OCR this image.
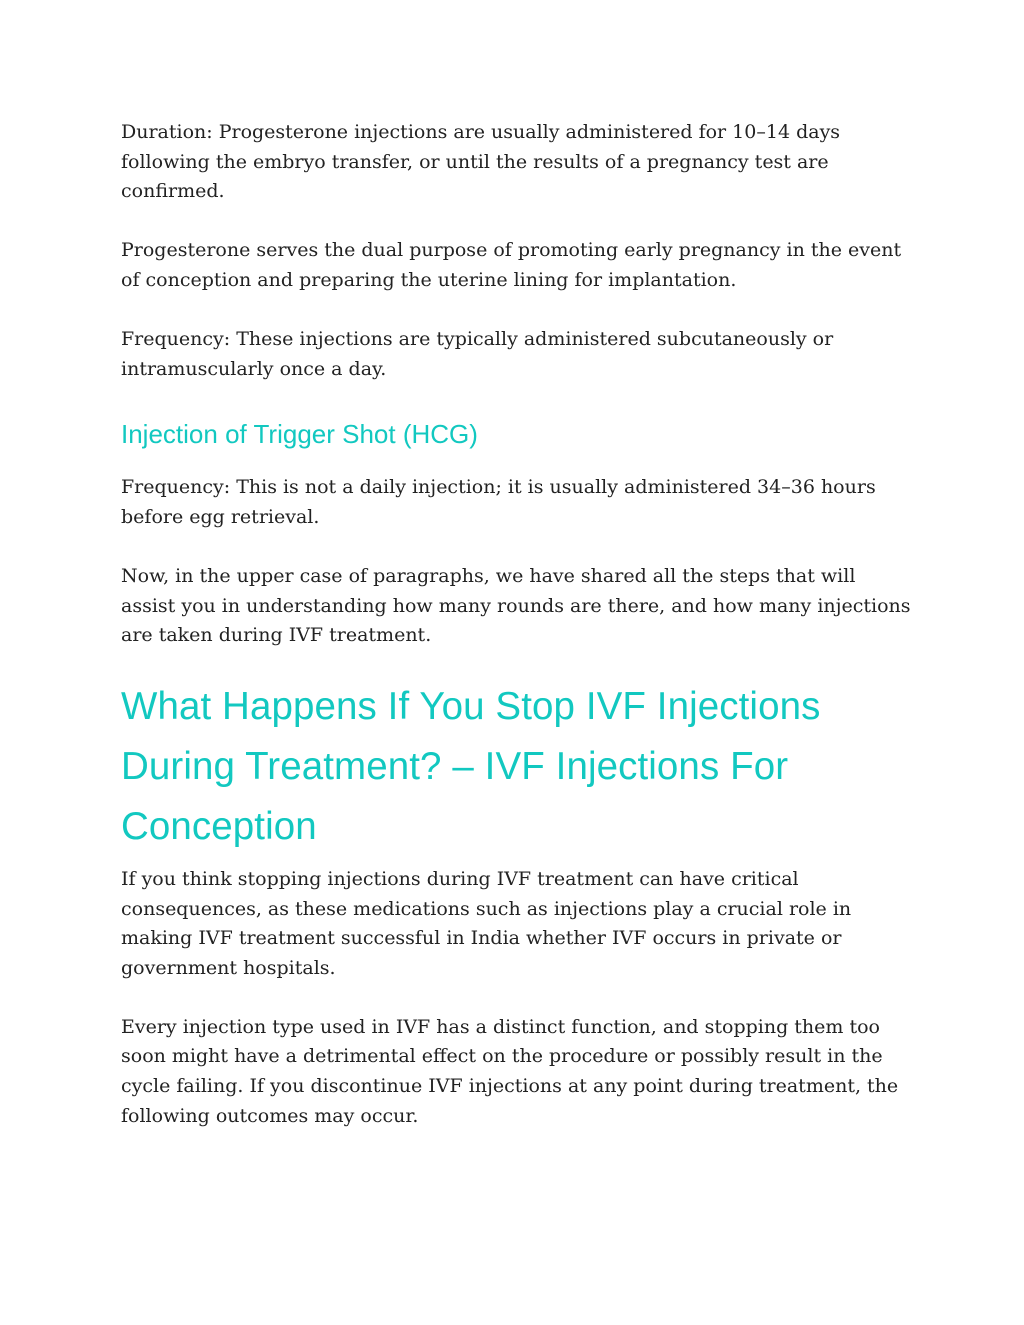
Duration: Progesterone injections are usually administered for 10–14 days following the embryo transfer, or until the results of a pregnancy test are confirmed.

Progesterone serves the dual purpose of promoting early pregnancy in the event of conception and preparing the uterine lining for implantation.

Frequency: These injections are typically administered subcutaneously or intramuscularly once a day.

Injection of Trigger Shot (HCG)

Frequency: This is not a daily injection; it is usually administered 34–36 hours before egg retrieval.

Now, in the upper case of paragraphs, we have shared all the steps that will assist you in understanding how many rounds are there, and how many injections are taken during IVF treatment.

What Happens If You Stop IVF Injections During Treatment? – IVF Injections For Conception

If you think stopping injections during IVF treatment can have critical consequences, as these medications such as injections play a crucial role in making IVF treatment successful in India whether IVF occurs in private or government hospitals.

Every injection type used in IVF has a distinct function, and stopping them too soon might have a detrimental effect on the procedure or possibly result in the cycle failing. If you discontinue IVF injections at any point during treatment, the following outcomes may occur.
